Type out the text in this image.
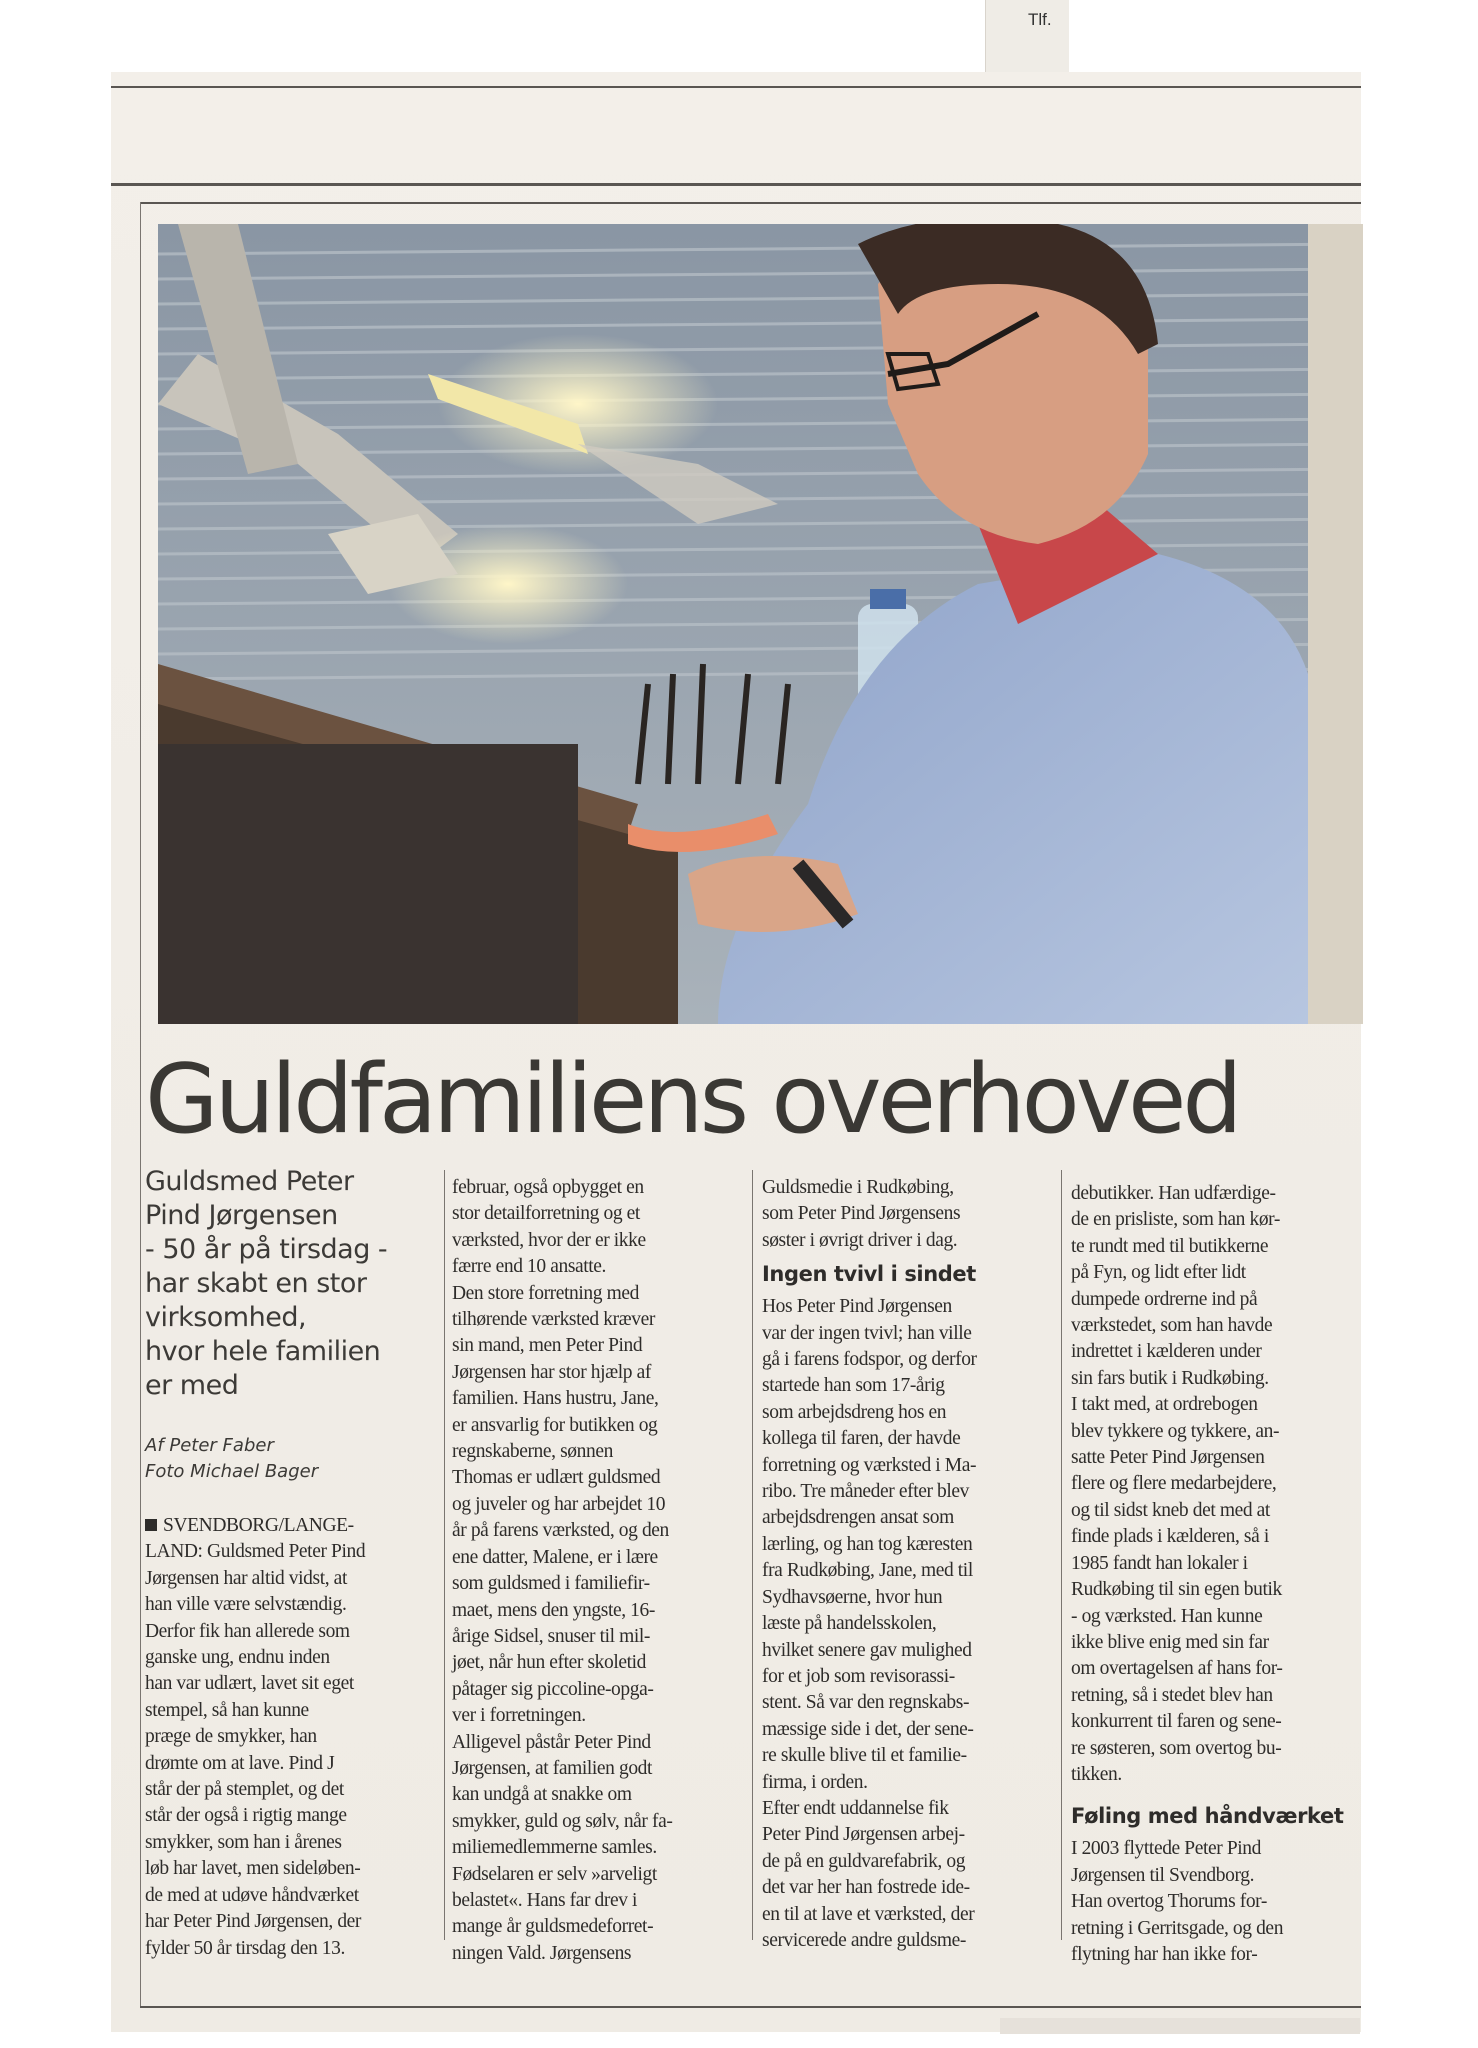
Tlf.
Guldfamiliens overhoved
Guldsmed Peter
Pind Jørgensen
- 50 år på tirsdag -
har skabt en stor
virksomhed,
hvor hele familien
er med
Af Peter Faber
Foto Michael Bager

SVENDBORG/LANGE-

LAND: Guldsmed Peter Pind

Jørgensen har altid vidst, at

han ville være selvstændig.

Derfor fik han allerede som

ganske ung, endnu inden

han var udlært, lavet sit eget

stempel, så han kunne

præge de smykker, han

drømte om at lave. Pind J

står der på stemplet, og det

står der også i rigtig mange

smykker, som han i årenes

løb har lavet, men sideløben-

de med at udøve håndværket

har Peter Pind Jørgensen, der

fylder 50 år tirsdag den 13.

februar, også opbygget en

stor detailforretning og et

værksted, hvor der er ikke

færre end 10 ansatte.

Den store forretning med

tilhørende værksted kræver

sin mand, men Peter Pind

Jørgensen har stor hjælp af

familien. Hans hustru, Jane,

er ansvarlig for butikken og

regnskaberne, sønnen

Thomas er udlært guldsmed

og juveler og har arbejdet 10

år på farens værksted, og den

ene datter, Malene, er i lære

som guldsmed i familiefir-

maet, mens den yngste, 16-

årige Sidsel, snuser til mil-

jøet, når hun efter skoletid

påtager sig piccoline-opga-

ver i forretningen.

Alligevel påstår Peter Pind

Jørgensen, at familien godt

kan undgå at snakke om

smykker, guld og sølv, når fa-

miliemedlemmerne samles.

Fødselaren er selv »arveligt

belastet«. Hans far drev i

mange år guldsmedeforret-

ningen Vald. Jørgensens

Guldsmedie i Rudkøbing,

som Peter Pind Jørgensens

søster i øvrigt driver i dag.

Ingen tvivl i sindet

Hos Peter Pind Jørgensen

var der ingen tvivl; han ville

gå i farens fodspor, og derfor

startede han som 17-årig

som arbejdsdreng hos en

kollega til faren, der havde

forretning og værksted i Ma-

ribo. Tre måneder efter blev

arbejdsdrengen ansat som

lærling, og han tog kæresten

fra Rudkøbing, Jane, med til

Sydhavsøerne, hvor hun

læste på handelsskolen,

hvilket senere gav mulighed

for et job som revisorassi-

stent. Så var den regnskabs-

mæssige side i det, der sene-

re skulle blive til et familie-

firma, i orden.

Efter endt uddannelse fik

Peter Pind Jørgensen arbej-

de på en guldvarefabrik, og

det var her han fostrede ide-

en til at lave et værksted, der

servicerede andre guldsme-

debutikker. Han udfærdige-

de en prisliste, som han kør-

te rundt med til butikkerne

på Fyn, og lidt efter lidt

dumpede ordrerne ind på

værkstedet, som han havde

indrettet i kælderen under

sin fars butik i Rudkøbing.

I takt med, at ordrebogen

blev tykkere og tykkere, an-

satte Peter Pind Jørgensen

flere og flere medarbejdere,

og til sidst kneb det med at

finde plads i kælderen, så i

1985 fandt han lokaler i

Rudkøbing til sin egen butik

- og værksted. Han kunne

ikke blive enig med sin far

om overtagelsen af hans for-

retning, så i stedet blev han

konkurrent til faren og sene-

re søsteren, som overtog bu-

tikken.

Føling med håndværket

I 2003 flyttede Peter Pind

Jørgensen til Svendborg.

Han overtog Thorums for-

retning i Gerritsgade, og den

flytning har han ikke for-
